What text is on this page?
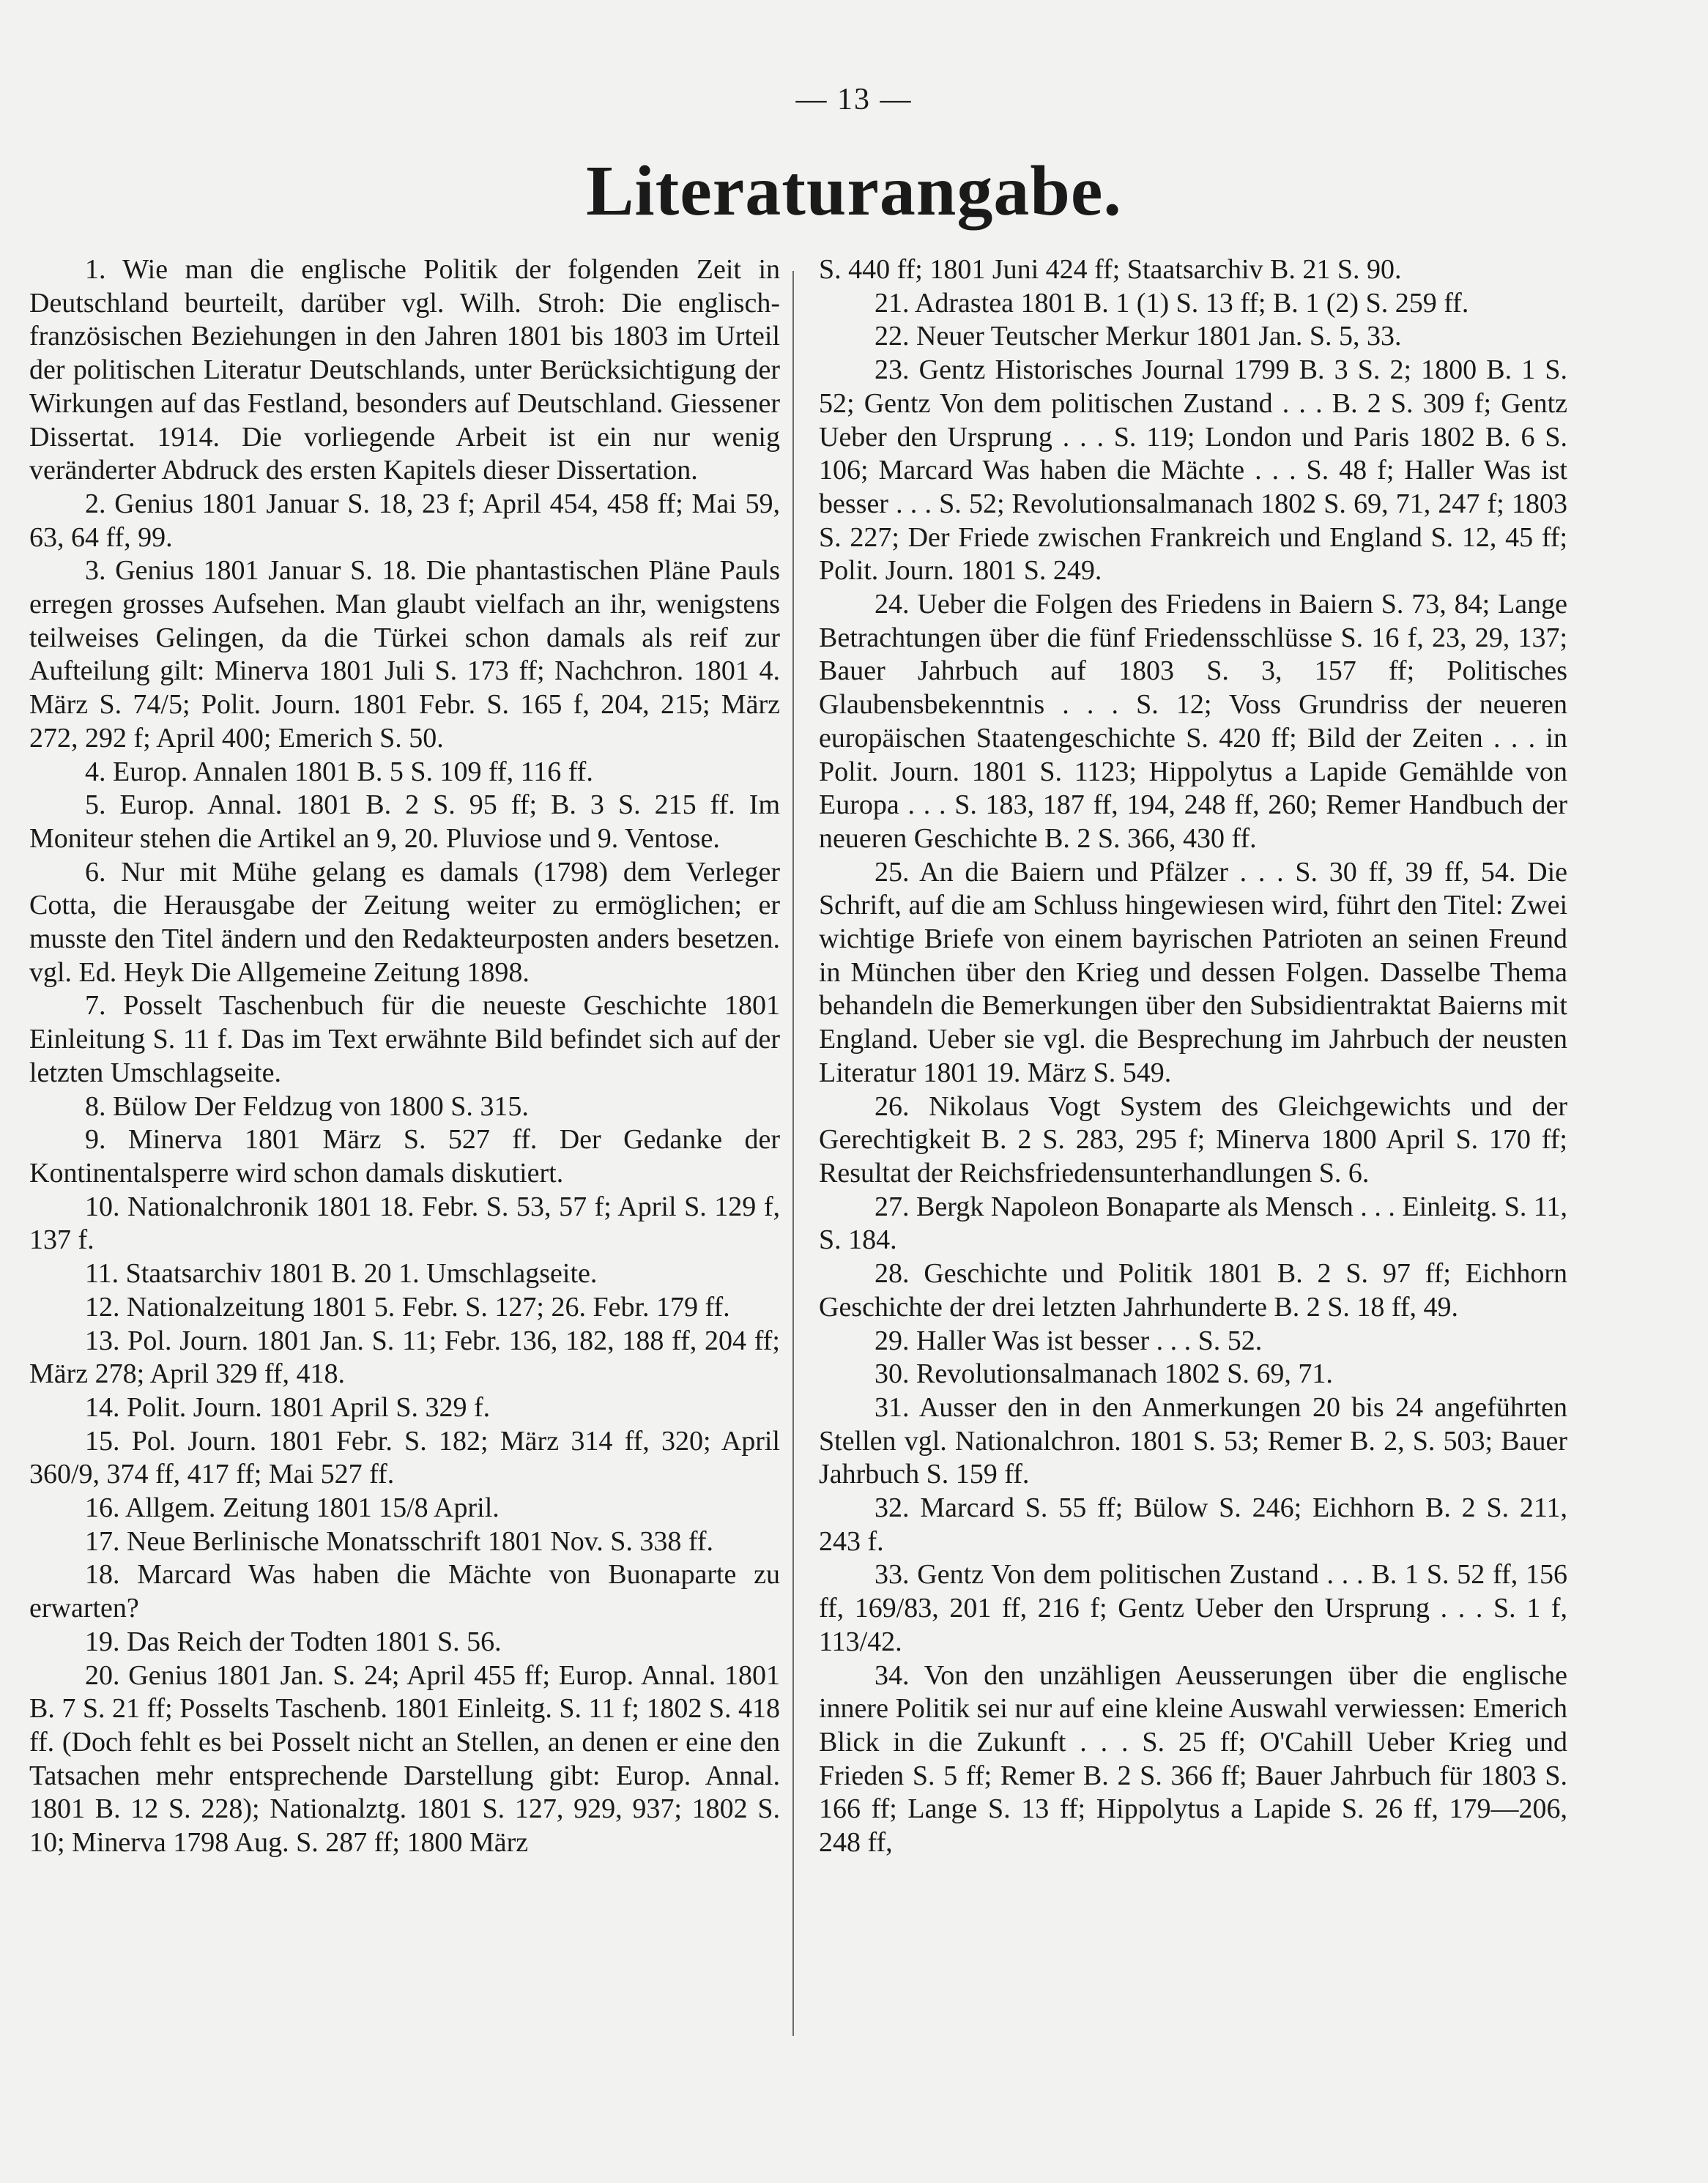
— 13 —
Literaturangabe.

1. Wie man die englische Politik der folgenden Zeit in Deutschland beurteilt, darüber vgl. Wilh. Stroh: Die englisch-französischen Beziehungen in den Jahren 1801 bis 1803 im Urteil der politischen Literatur Deutschlands, unter Berücksichtigung der Wirkungen auf das Festland, besonders auf Deutschland. Giessener Dissertat. 1914. Die vorliegende Arbeit ist ein nur wenig veränderter Abdruck des ersten Kapitels dieser Dissertation.

2. Genius 1801 Januar S. 18, 23 f; April 454, 458 ff; Mai 59, 63, 64 ff, 99.

3. Genius 1801 Januar S. 18. Die phantastischen Pläne Pauls erregen grosses Aufsehen. Man glaubt vielfach an ihr, wenigstens teilweises Gelingen, da die Türkei schon damals als reif zur Aufteilung gilt: Minerva 1801 Juli S. 173 ff; Nachchron. 1801 4. März S. 74/5; Polit. Journ. 1801 Febr. S. 165 f, 204, 215; März 272, 292 f; April 400; Emerich S. 50.

4. Europ. Annalen 1801 B. 5 S. 109 ff, 116 ff.

5. Europ. Annal. 1801 B. 2 S. 95 ff; B. 3 S. 215 ff. Im Moniteur stehen die Artikel an 9, 20. Pluviose und 9. Ventose.

6. Nur mit Mühe gelang es damals (1798) dem Verleger Cotta, die Herausgabe der Zeitung weiter zu ermöglichen; er musste den Titel ändern und den Redakteurposten anders besetzen. vgl. Ed. Heyk Die Allgemeine Zeitung 1898.

7. Posselt Taschenbuch für die neueste Geschichte 1801 Einleitung S. 11 f. Das im Text erwähnte Bild befindet sich auf der letzten Umschlagseite.

8. Bülow Der Feldzug von 1800 S. 315.

9. Minerva 1801 März S. 527 ff. Der Gedanke der Kontinentalsperre wird schon damals diskutiert.

10. Nationalchronik 1801 18. Febr. S. 53, 57 f; April S. 129 f, 137 f.

11. Staatsarchiv 1801 B. 20 1. Umschlagseite.

12. Nationalzeitung 1801 5. Febr. S. 127; 26. Febr. 179 ff.

13. Pol. Journ. 1801 Jan. S. 11; Febr. 136, 182, 188 ff, 204 ff; März 278; April 329 ff, 418.

14. Polit. Journ. 1801 April S. 329 f.

15. Pol. Journ. 1801 Febr. S. 182; März 314 ff, 320; April 360/9, 374 ff, 417 ff; Mai 527 ff.

16. Allgem. Zeitung 1801 15/8 April.

17. Neue Berlinische Monatsschrift 1801 Nov. S. 338 ff.

18. Marcard Was haben die Mächte von Buonaparte zu erwarten?

19. Das Reich der Todten 1801 S. 56.

20. Genius 1801 Jan. S. 24; April 455 ff; Europ. Annal. 1801 B. 7 S. 21 ff; Posselts Taschenb. 1801 Einleitg. S. 11 f; 1802 S. 418 ff. (Doch fehlt es bei Posselt nicht an Stellen, an denen er eine den Tatsachen mehr entsprechende Darstellung gibt: Europ. Annal. 1801 B. 12 S. 228); Nationalztg. 1801 S. 127, 929, 937; 1802 S. 10; Minerva 1798 Aug. S. 287 ff; 1800 März

S. 440 ff; 1801 Juni 424 ff; Staatsarchiv B. 21 S. 90.

21. Adrastea 1801 B. 1 (1) S. 13 ff; B. 1 (2) S. 259 ff.

22. Neuer Teutscher Merkur 1801 Jan. S. 5, 33.

23. Gentz Historisches Journal 1799 B. 3 S. 2; 1800 B. 1 S. 52; Gentz Von dem politischen Zustand . . . B. 2 S. 309 f; Gentz Ueber den Ursprung . . . S. 119; London und Paris 1802 B. 6 S. 106; Marcard Was haben die Mächte . . . S. 48 f; Haller Was ist besser . . . S. 52; Revolutionsalmanach 1802 S. 69, 71, 247 f; 1803 S. 227; Der Friede zwischen Frankreich und England S. 12, 45 ff; Polit. Journ. 1801 S. 249.

24. Ueber die Folgen des Friedens in Baiern S. 73, 84; Lange Betrachtungen über die fünf Friedensschlüsse S. 16 f, 23, 29, 137; Bauer Jahrbuch auf 1803 S. 3, 157 ff; Politisches Glaubensbekenntnis . . . S. 12; Voss Grundriss der neueren europäischen Staatengeschichte S. 420 ff; Bild der Zeiten . . . in Polit. Journ. 1801 S. 1123; Hippolytus a Lapide Gemählde von Europa . . . S. 183, 187 ff, 194, 248 ff, 260; Remer Handbuch der neueren Geschichte B. 2 S. 366, 430 ff.

25. An die Baiern und Pfälzer . . . S. 30 ff, 39 ff, 54. Die Schrift, auf die am Schluss hingewiesen wird, führt den Titel: Zwei wichtige Briefe von einem bayrischen Patrioten an seinen Freund in München über den Krieg und dessen Folgen. Dasselbe Thema behandeln die Bemerkungen über den Subsidientraktat Baierns mit England. Ueber sie vgl. die Besprechung im Jahrbuch der neusten Literatur 1801 19. März S. 549.

26. Nikolaus Vogt System des Gleichgewichts und der Gerechtigkeit B. 2 S. 283, 295 f; Minerva 1800 April S. 170 ff; Resultat der Reichsfriedensunterhandlungen S. 6.

27. Bergk Napoleon Bonaparte als Mensch . . . Einleitg. S. 11, S. 184.

28. Geschichte und Politik 1801 B. 2 S. 97 ff; Eichhorn Geschichte der drei letzten Jahrhunderte B. 2 S. 18 ff, 49.

29. Haller Was ist besser . . . S. 52.

30. Revolutionsalmanach 1802 S. 69, 71.

31. Ausser den in den Anmerkungen 20 bis 24 angeführten Stellen vgl. Nationalchron. 1801 S. 53; Remer B. 2, S. 503; Bauer Jahrbuch S. 159 ff.

32. Marcard S. 55 ff; Bülow S. 246; Eichhorn B. 2 S. 211, 243 f.

33. Gentz Von dem politischen Zustand . . . B. 1 S. 52 ff, 156 ff, 169/83, 201 ff, 216 f; Gentz Ueber den Ursprung . . . S. 1 f, 113/42.

34. Von den unzähligen Aeusserungen über die englische innere Politik sei nur auf eine kleine Auswahl verwiessen: Emerich Blick in die Zukunft . . . S. 25 ff; O'Cahill Ueber Krieg und Frieden S. 5 ff; Remer B. 2 S. 366 ff; Bauer Jahrbuch für 1803 S. 166 ff; Lange S. 13 ff; Hippolytus a Lapide S. 26 ff, 179—206, 248 ff,
